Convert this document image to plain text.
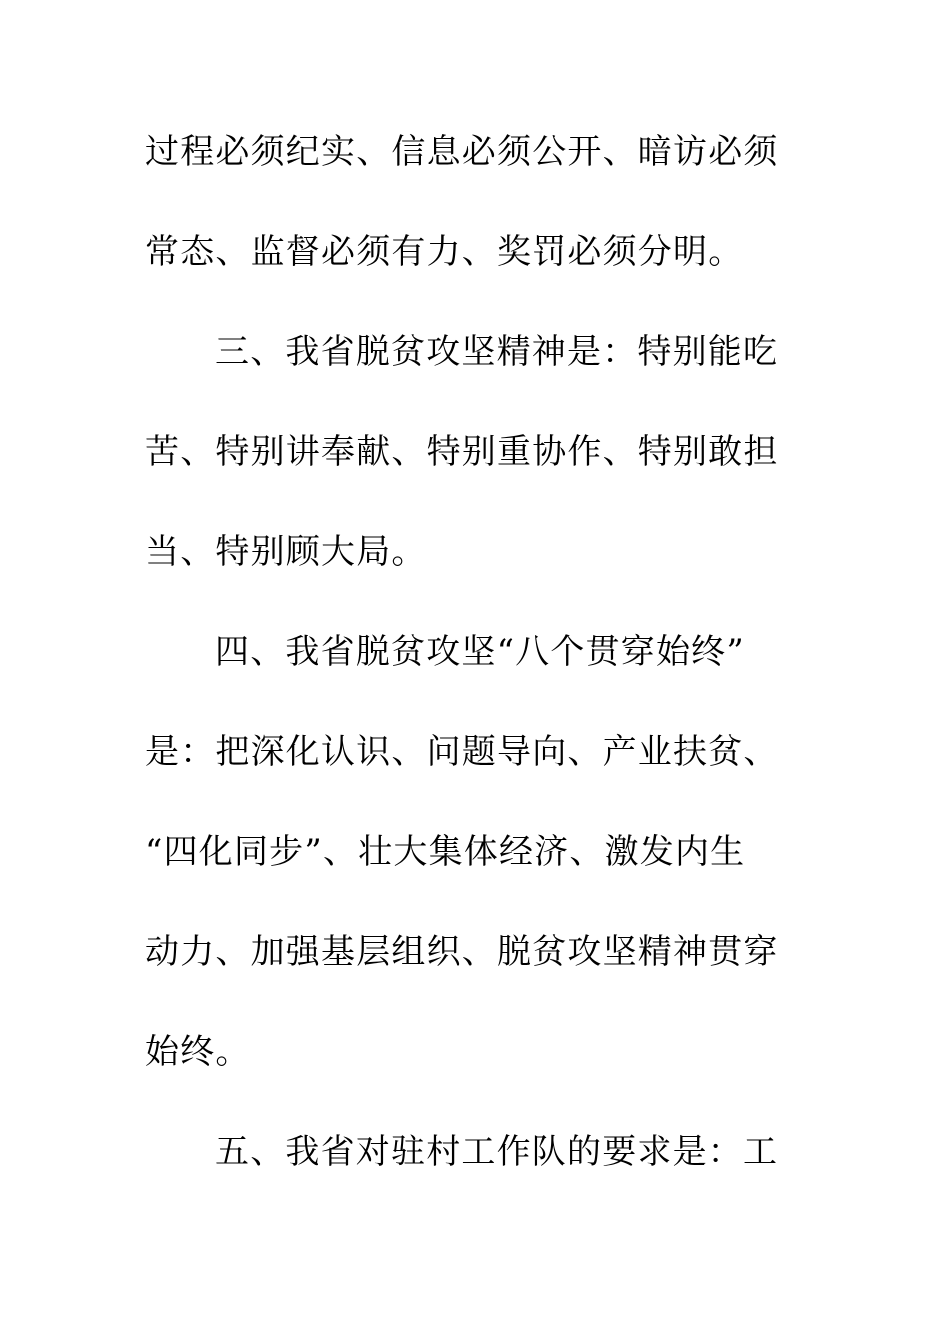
过程必须纪实、信息必须公开、暗访必须
常态、监督必须有力、奖罚必须分明。
三、我省脱贫攻坚精神是：特别能吃
苦、特别讲奉献、特别重协作、特别敢担
当、特别顾大局。
四、我省脱贫攻坚“八个贯穿始终”
是：把深化认识、问题导向、产业扶贫、
“四化同步”、壮大集体经济、激发内生
动力、加强基层组织、脱贫攻坚精神贯穿
始终。
五、我省对驻村工作队的要求是：工
